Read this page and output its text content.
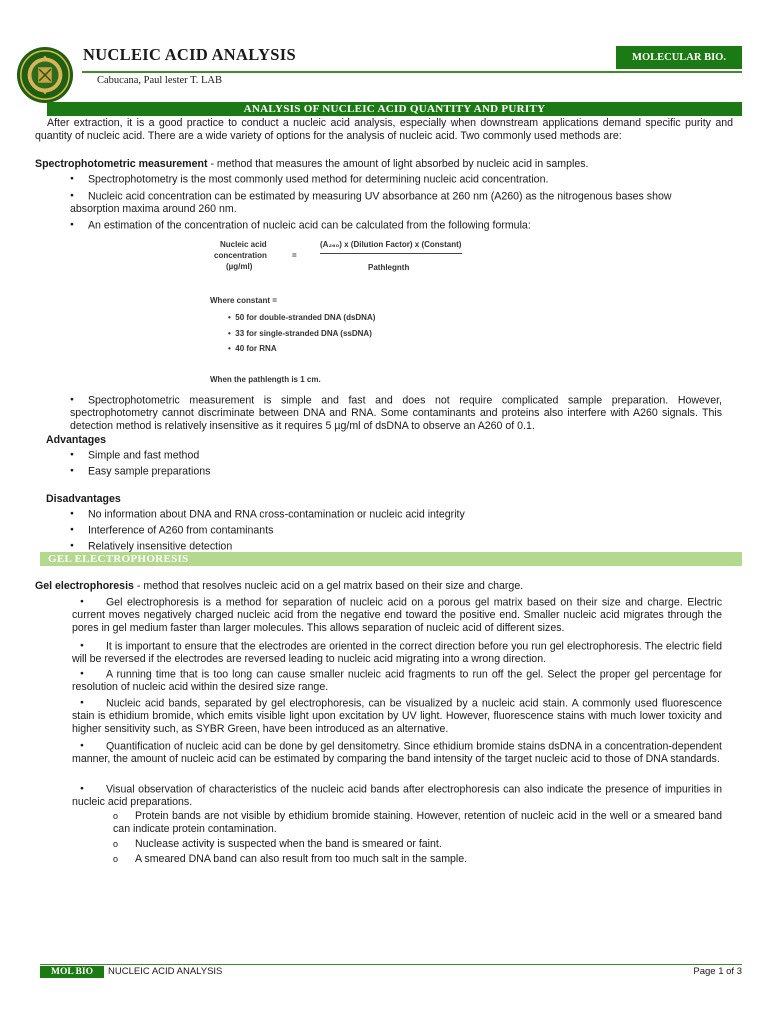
NUCLEIC ACID ANALYSIS
Cabucana, Paul lester T. LAB
MOLECULAR BIO.
ANALYSIS OF NUCLEIC ACID QUANTITY AND PURITY
After extraction, it is a good practice to conduct a nucleic acid analysis, especially when downstream applications demand specific purity and quantity of nucleic acid. There are a wide variety of options for the analysis of nucleic acid. Two commonly used methods are:
Spectrophotometric measurement - method that measures the amount of light absorbed by nucleic acid in samples.
● Spectrophotometry is the most commonly used method for determining nucleic acid concentration.
● Nucleic acid concentration can be estimated by measuring UV absorbance at 260 nm (A260) as the nitrogenous bases show absorption maxima around 260 nm.
● An estimation of the concentration of nucleic acid can be calculated from the following formula:
Nucleic acid
concentration
(µg/ml)
=
(A₂₆₀) x (Dilution Factor) x (Constant)
Pathlegnth
Where constant =
•  50 for double-stranded DNA (dsDNA)
•  33 for single-stranded DNA (ssDNA)
•  40 for RNA
When the pathlength is 1 cm.
● Spectrophotometric measurement is simple and fast and does not require complicated sample preparation. However, spectrophotometry cannot discriminate between DNA and RNA. Some contaminants and proteins also interfere with A260 signals. This detection method is relatively insensitive as it requires 5 µg/ml of dsDNA to observe an A260 of 0.1.
Advantages
● Simple and fast method
● Easy sample preparations
Disadvantages
● No information about DNA and RNA cross-contamination or nucleic acid integrity
● Interference of A260 from contaminants
● Relatively insensitive detection
GEL ELECTROPHORESIS
Gel electrophoresis - method that resolves nucleic acid on a gel matrix based on their size and charge.
● Gel electrophoresis is a method for separation of nucleic acid on a porous gel matrix based on their size and charge. Electric current moves negatively charged nucleic acid from the negative end toward the positive end. Smaller nucleic acid migrates through the pores in gel medium faster than larger molecules. This allows separation of nucleic acid of different sizes.
● It is important to ensure that the electrodes are oriented in the correct direction before you run gel electrophoresis. The electric field will be reversed if the electrodes are reversed leading to nucleic acid migrating into a wrong direction.
● A running time that is too long can cause smaller nucleic acid fragments to run off the gel. Select the proper gel percentage for resolution of nucleic acid within the desired size range.
● Nucleic acid bands, separated by gel electrophoresis, can be visualized by a nucleic acid stain. A commonly used fluorescence stain is ethidium bromide, which emits visible light upon excitation by UV light. However, fluorescence stains with much lower toxicity and higher sensitivity such, as SYBR Green, have been introduced as an alternative.
● Quantification of nucleic acid can be done by gel densitometry. Since ethidium bromide stains dsDNA in a concentration-dependent manner, the amount of nucleic acid can be estimated by comparing the band intensity of the target nucleic acid to those of DNA standards.
● Visual observation of characteristics of the nucleic acid bands after electrophoresis can also indicate the presence of impurities in nucleic acid preparations.
o Protein bands are not visible by ethidium bromide staining. However, retention of nucleic acid in the well or a smeared band can indicate protein contamination.
o Nuclease activity is suspected when the band is smeared or faint.
o A smeared DNA band can also result from too much salt in the sample.
MOL BIO	NUCLEIC ACID ANALYSIS	Page 1 of 3
